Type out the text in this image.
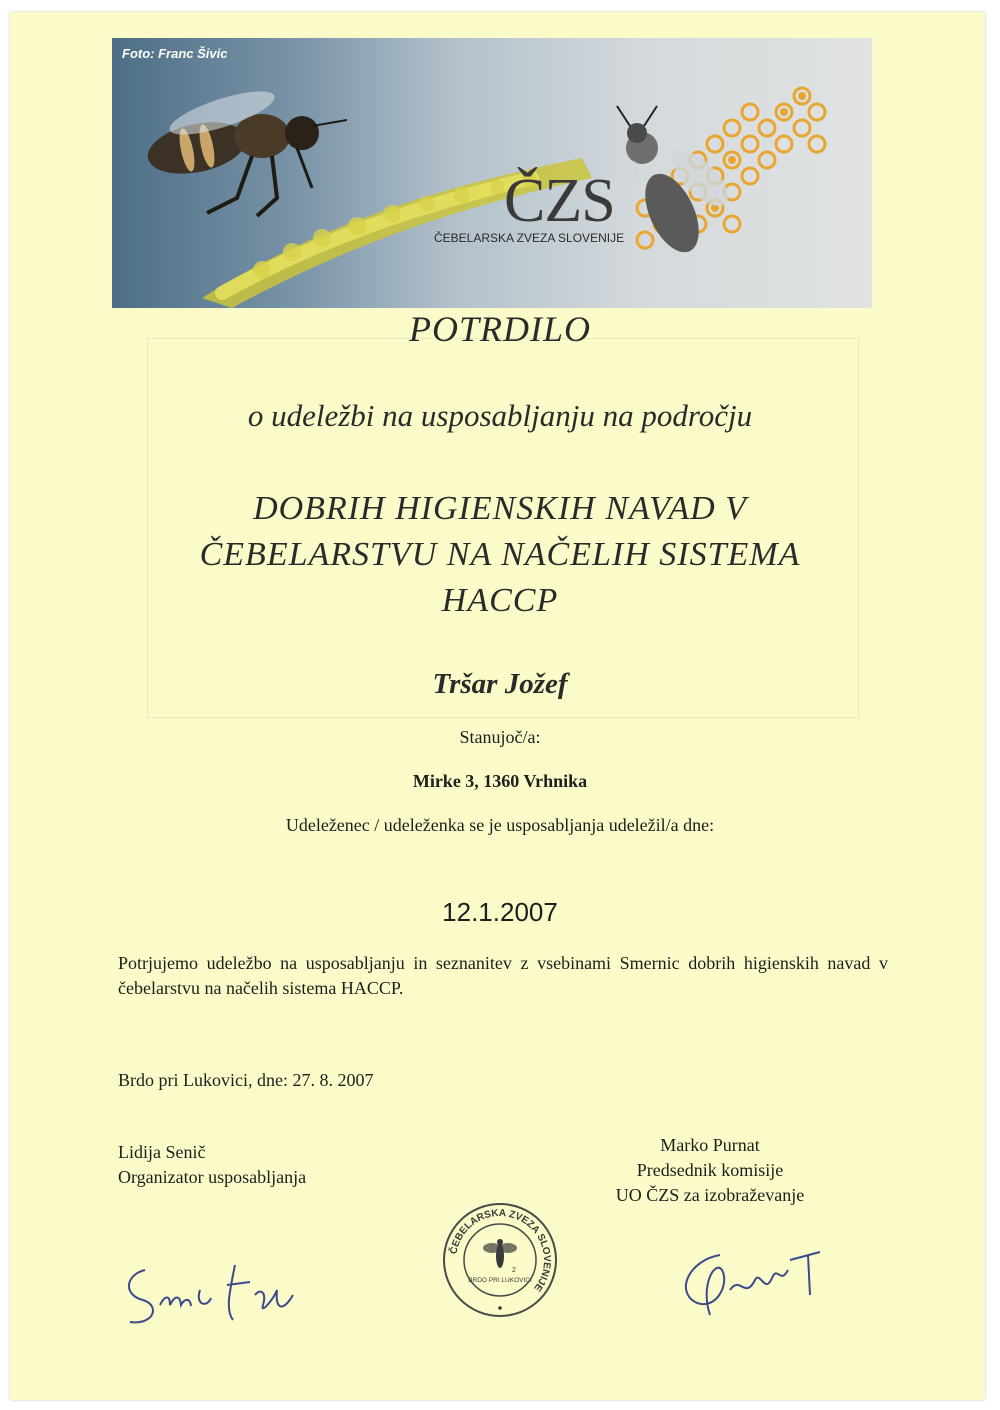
Foto: Franc Šivic
ČZS
ČEBELARSKA ZVEZA SLOVENIJE
POTRDILO
o udeležbi na usposabljanju na področju
DOBRIH HIGIENSKIH NAVAD V
ČEBELARSTVU NA NAČELIH SISTEMA
HACCP
Tršar Jožef
Stanujoč/a:
Mirke 3, 1360 Vrhnika
Udeleženec / udeleženka se je usposabljanja udeležil/a dne:
12.1.2007
Potrjujemo udeležbo na usposabljanju in seznanitev z vsebinami Smernic dobrih higienskih navad v čebelarstvu na načelih sistema HACCP.
Brdo pri Lukovici, dne: 27. 8. 2007
Lidija Senič
Organizator usposabljanja
Marko Purnat
Predsednik komisije
UO ČZS za izobraževanje
ČEBELARSKA ZVEZA SLOVENIJE
2
BRDO PRI LUKOVICI
